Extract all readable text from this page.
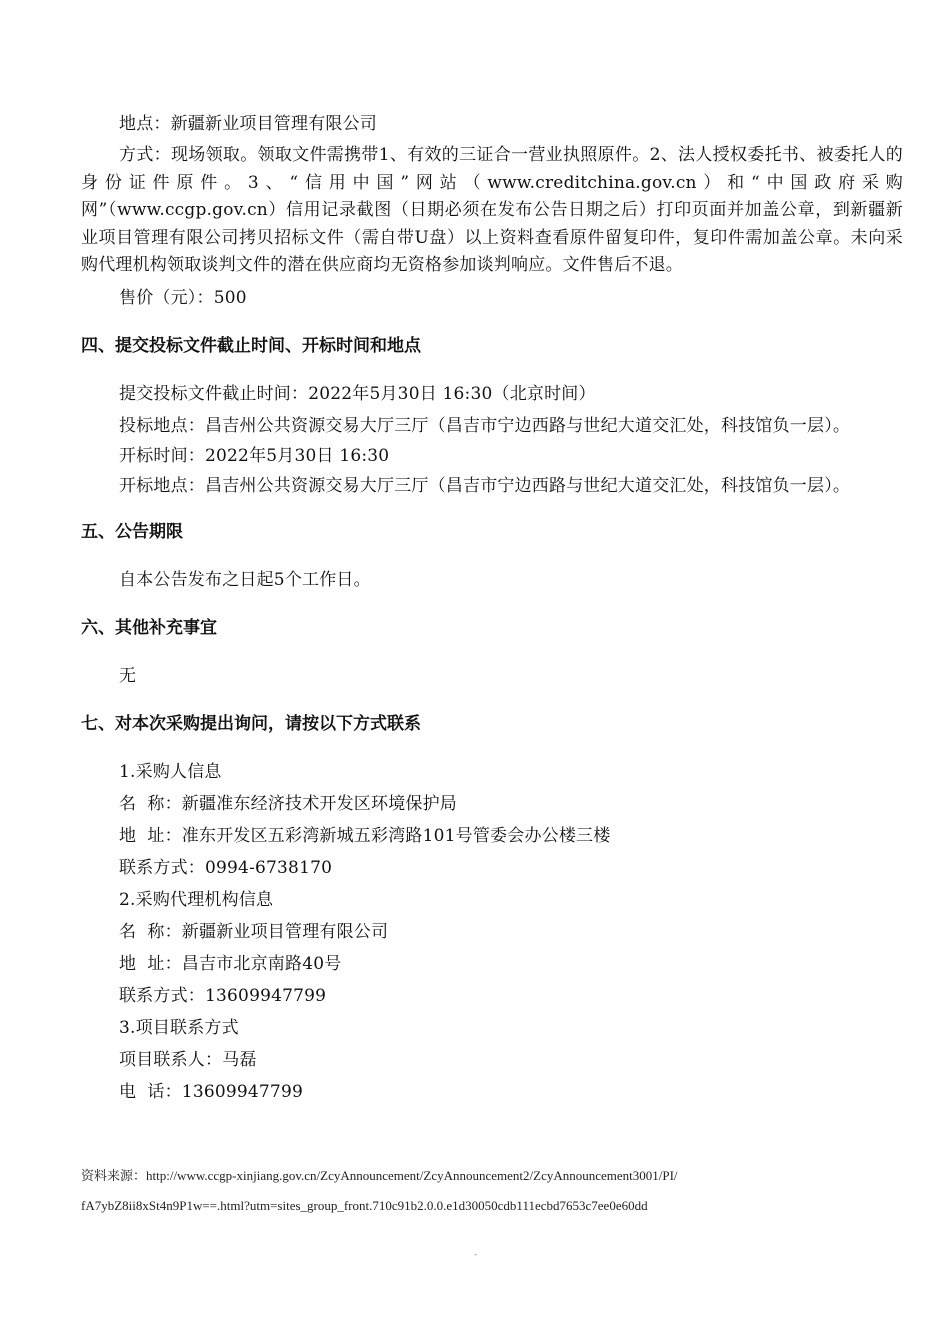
地点：新疆新业项目管理有限公司

方式：现场领取。领取文件需携带1、有效的三证合一营业执照原件。2、法人授权委托书、被委托人的身份证件原件。3、“信用中国”网站（www.creditchina.gov.cn）和“中国政府采购网”（www.ccgp.gov.cn）信用记录截图（日期必须在发布公告日期之后）打印页面并加盖公章，到新疆新业项目管理有限公司拷贝招标文件（需自带U盘）以上资料查看原件留复印件，复印件需加盖公章。未向采购代理机构领取谈判文件的潜在供应商均无资格参加谈判响应。文件售后不退。

售价（元）：500

四、提交投标文件截止时间、开标时间和地点

提交投标文件截止时间：2022年5月30日 16:30（北京时间）

投标地点：昌吉州公共资源交易大厅三厅（昌吉市宁边西路与世纪大道交汇处，科技馆负一层）。

开标时间：2022年5月30日 16:30

开标地点：昌吉州公共资源交易大厅三厅（昌吉市宁边西路与世纪大道交汇处，科技馆负一层）。

五、公告期限

自本公告发布之日起5个工作日。

六、其他补充事宜

无

七、对本次采购提出询问，请按以下方式联系

1.采购人信息

名  称：新疆准东经济技术开发区环境保护局

地  址：准东开发区五彩湾新城五彩湾路101号管委会办公楼三楼

联系方式：0994-6738170

2.采购代理机构信息

名  称：新疆新业项目管理有限公司

地  址：昌吉市北京南路40号

联系方式：13609947799

3.项目联系方式

项目联系人：马磊

电  话：13609947799

资料来源：http://www.ccgp-xinjiang.gov.cn/ZcyAnnouncement/ZcyAnnouncement2/ZcyAnnouncement3001/PI/
fA7ybZ8ii8xSt4n9P1w==.html?utm=sites_group_front.710c91b2.0.0.e1d30050cdb111ecbd7653c7ee0e60dd
-
